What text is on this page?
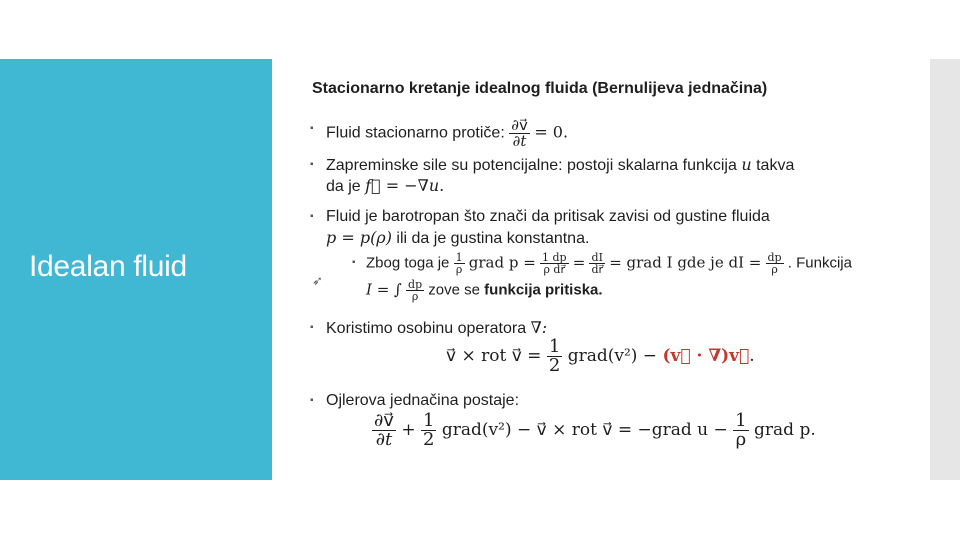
Idealan fluid
Stacionarno kretanje idealnog fluida (Bernulijeva jednačina)
▪ Fluid stacionarno protiče: $\frac{\partial v⃗}{\partial t} = 0$.
▪ Zapreminske sile su potencijalne: postoji skalarna funkcija u takva
da je f⃗ = −∇u.
▪ Fluid je barotropan što znači da pritisak zavisi od gustine fluida
p = p(ρ) ili da je gustina konstantna.
➶
▪ Zbog toga je $\frac{1}{\rho}$ grad $p = \frac{1 dp}{\text{ρ dr⃗}} = \frac{dI}{dr⃗}$ = grad I gde je dI = $\frac{dp}{\rho}$ . Funkcija
I = ∫ $\frac{dp}{\rho}$ zove se funkcija pritiska.
▪ Koristimo osobinu operatora ∇:
v⃗ × rot v⃗ = $\frac{1}{2}$ grad(v²) − (v⃗ · ∇)v⃗.
▪ Ojlerova jednačina postaje:
$\frac{\partial v⃗}{\partial t} + \frac{1}{2}$ grad(v²) − v⃗ × rot v⃗ = −grad $u - \frac{1}{\rho}$ grad p.
